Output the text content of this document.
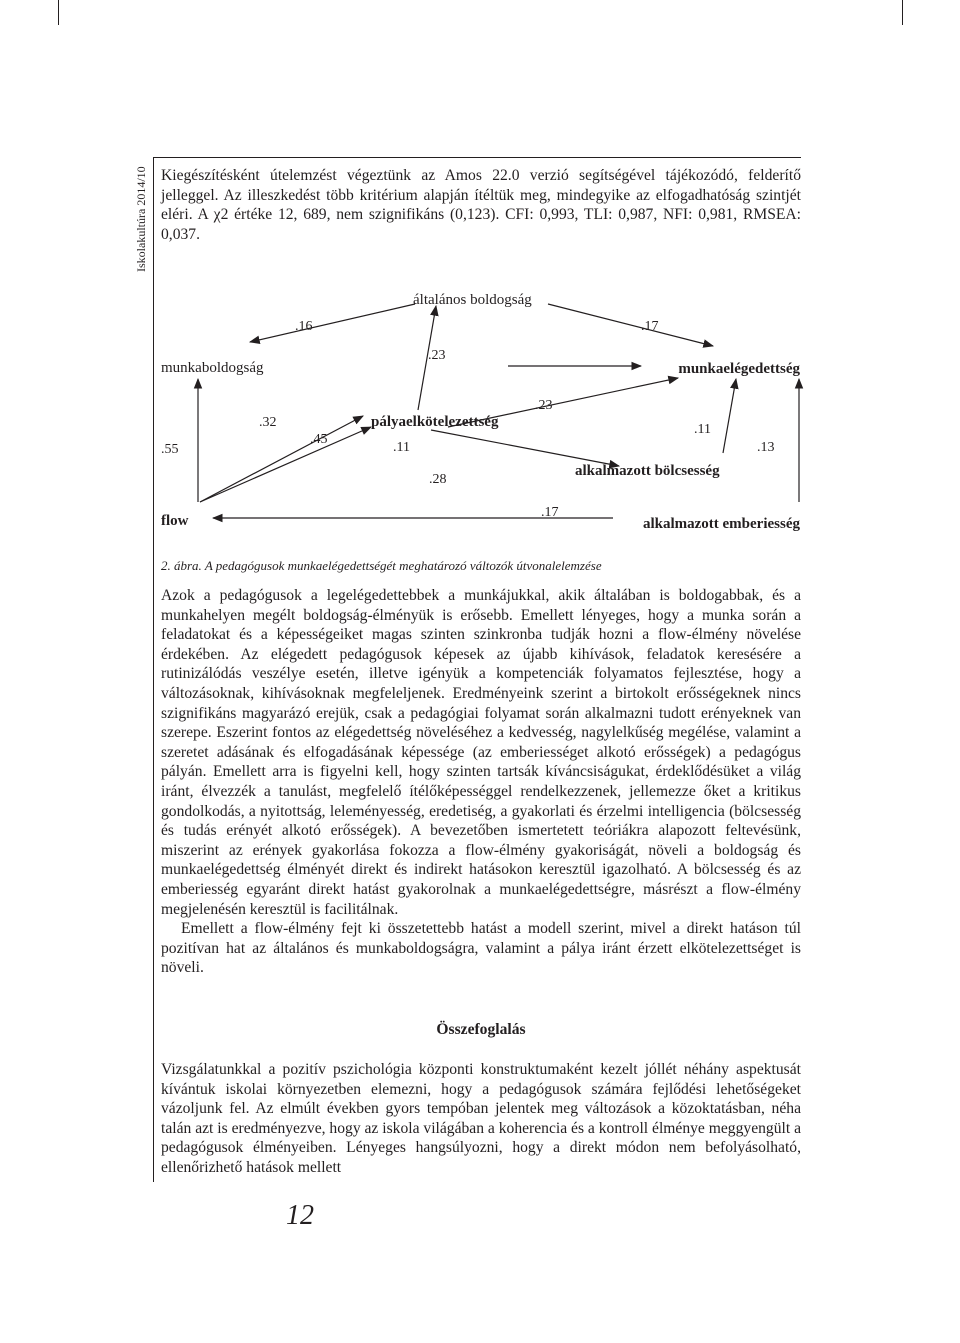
Iskolakultúra 2014/10 Kiegészítésként útelemzést végeztünk az Amos 22.0 verzió segítségével tájékozódó, felderítő jelleggel. Az illeszkedést több kritérium alapján ítéltük meg, mindegyike az elfogadhatóság szintjét eléri. A χ2 értéke 12, 689, nem szignifikáns (0,123). CFI: 0,993, TLI: 0,987, NFI: 0,981, RMSEA: 0,037.

általános boldogság
munkaboldogság	munkaelégedettség
pályaelkötelezettség
alkalmazott bölcsesség
flow	alkalmazott emberiesség
.16	.17
.23
.55
.32
.45
.11
.23
.28
.11
.13
.17
2. ábra. A pedagógusok munkaelégedettségét meghatározó változók útvonalelemzése

Azok a pedagógusok a legelégedettebbek a munkájukkal, akik általában is boldogabbak, és a munkahelyen megélt boldogság-élményük is erősebb. Emellett lényeges, hogy a munka során a feladatokat és a képességeiket magas szinten szinkronba tudják hozni a flow-élmény növelése érdekében. Az elégedett pedagógusok képesek az újabb kihívások, feladatok keresésére a rutinizálódás veszélye esetén, illetve igényük a kompetenciák folyamatos fejlesztése, hogy a változásoknak, kihívásoknak megfeleljenek. Eredményeink szerint a birtokolt erősségeknek nincs szignifikáns magyarázó erejük, csak a pedagógiai folyamat során alkalmazni tudott erényeknek van szerepe. Eszerint fontos az elégedettség növeléséhez a kedvesség, nagylelkűség megélése, valamint a szeretet adásának és elfogadásának képessége (az emberiességet alkotó erősségek) a pedagógus pályán. Emellett arra is figyelni kell, hogy szinten tartsák kíváncsiságukat, érdeklődésüket a világ iránt, élvezzék a tanulást, megfelelő ítélőképességgel rendelkezzenek, jellemezze őket a kritikus gondolkodás, a nyitottság, leleményesség, eredetiség, a gyakorlati és érzelmi intelligencia (bölcsesség és tudás erényét alkotó erősségek). A bevezetőben ismertetett teóriákra alapozott feltevésünk, miszerint az erények gyakorlása fokozza a flow-élmény gyakoriságát, növeli a boldogság és munkaelégedettség élményét direkt és indirekt hatásokon keresztül igazolható. A bölcsesség és az emberiesség egyaránt direkt hatást gyakorolnak a munkaelégedettségre, másrészt a flow-élmény megjelenésén keresztül is facilitálnak.

Emellett a flow-élmény fejt ki összetettebb hatást a modell szerint, mivel a direkt hatáson túl pozitívan hat az általános és munkaboldogságra, valamint a pálya iránt érzett elkötelezettséget is növeli.

Összefoglalás

Vizsgálatunkkal a pozitív pszichológia központi konstruktumaként kezelt jóllét néhány aspektusát kívántuk iskolai környezetben elemezni, hogy a pedagógusok számára fejlődési lehetőségeket vázoljunk fel. Az elmúlt években gyors tempóban jelentek meg változások a közoktatásban, néha talán azt is eredményezve, hogy az iskola világában a koherencia és a kontroll élménye meggyengült a pedagógusok élményeiben. Lényeges hangsúlyozni, hogy a direkt módon nem befolyásolható, ellenőrizhető hatások mellett

12
